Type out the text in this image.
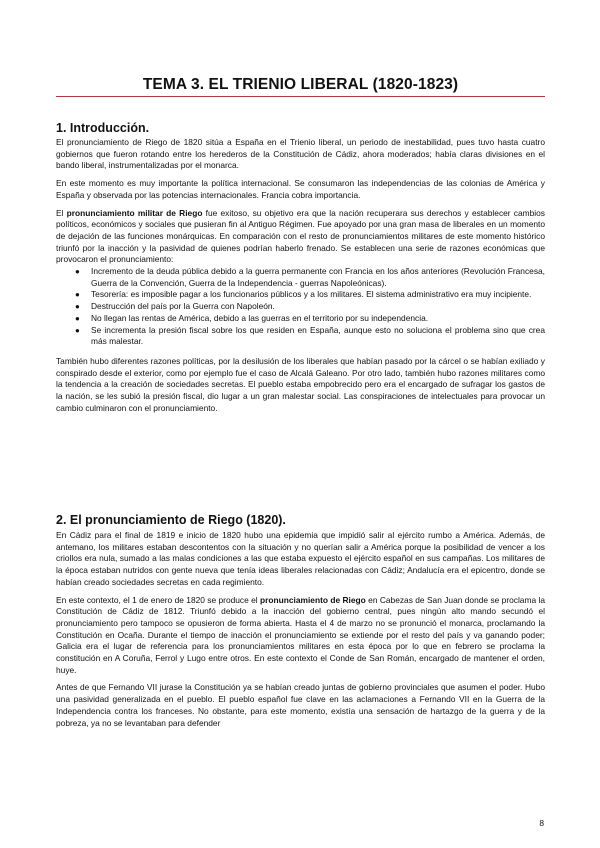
TEMA 3. EL TRIENIO LIBERAL (1820-1823)
1. Introducción.

El pronunciamiento de Riego de 1820 sitúa a España en el Trienio liberal, un periodo de inestabilidad, pues tuvo hasta cuatro gobiernos que fueron rotando entre los herederos de la Constitución de Cádiz, ahora moderados; había claras divisiones en el bando liberal, instrumentalizadas por el monarca.

En este momento es muy importante la política internacional. Se consumaron las independencias de las colonias de América y España y observada por las potencias internacionales. Francia cobra importancia.

El pronunciamiento militar de Riego fue exitoso, su objetivo era que la nación recuperara sus derechos y establecer cambios políticos, económicos y sociales que pusieran fin al Antiguo Régimen. Fue apoyado por una gran masa de liberales en un momento de dejación de las funciones monárquicas. En comparación con el resto de pronunciamientos militares de este momento histórico triunfó por la inacción y la pasividad de quienes podrían haberlo frenado. Se establecen una serie de razones económicas que provocaron el pronunciamiento:

● Incremento de la deuda pública debido a la guerra permanente con Francia en los años anteriores (Revolución Francesa, Guerra de la Convención, Guerra de la Independencia - guerras Napoleónicas).
● Tesorería: es imposible pagar a los funcionarios públicos y a los militares. El sistema administrativo era muy incipiente.
● Destrucción del país por la Guerra con Napoleón.
● No llegan las rentas de América, debido a las guerras en el territorio por su independencia.
● Se incrementa la presión fiscal sobre los que residen en España, aunque esto no soluciona el problema sino que crea más malestar.

También hubo diferentes razones políticas, por la desilusión de los liberales que habían pasado por la cárcel o se habían exiliado y conspirado desde el exterior, como por ejemplo fue el caso de Alcalá Galeano. Por otro lado, también hubo razones militares como la tendencia a la creación de sociedades secretas. El pueblo estaba empobrecido pero era el encargado de sufragar los gastos de la nación, se les subió la presión fiscal, dio lugar a un gran malestar social. Las conspiraciones de intelectuales para provocar un cambio culminaron con el pronunciamiento.

2. El pronunciamiento de Riego (1820).

En Cádiz para el final de 1819 e inicio de 1820 hubo una epidemia que impidió salir al ejército rumbo a América. Además, de antemano, los militares estaban descontentos con la situación y no querían salir a América porque la posibilidad de vencer a los criollos era nula, sumado a las malas condiciones a las que estaba expuesto el ejército español en sus campañas. Los militares de la época estaban nutridos con gente nueva que tenía ideas liberales relacionadas con Cádiz; Andalucía era el epicentro, donde se habían creado sociedades secretas en cada regimiento.

En este contexto, el 1 de enero de 1820 se produce el pronunciamiento de Riego en Cabezas de San Juan donde se proclama la Constitución de Cádiz de 1812. Triunfó debido a la inacción del gobierno central, pues ningún alto mando secundó el pronunciamiento pero tampoco se opusieron de forma abierta. Hasta el 4 de marzo no se pronunció el monarca, proclamando la Constitución en Ocaña. Durante el tiempo de inacción el pronunciamiento se extiende por el resto del país y va ganando poder; Galicia era el lugar de referencia para los pronunciamientos militares en esta época por lo que en febrero se proclama la constitución en A Coruña, Ferrol y Lugo entre otros. En este contexto el Conde de San Román, encargado de mantener el orden, huye.

Antes de que Fernando VII jurase la Constitución ya se habían creado juntas de gobierno provinciales que asumen el poder. Hubo una pasividad generalizada en el pueblo. El pueblo español fue clave en las aclamaciones a Fernando VII en la Guerra de la Independencia contra los franceses. No obstante, para este momento, existía una sensación de hartazgo de la guerra y de la pobreza, ya no se levantaban para defender

8
